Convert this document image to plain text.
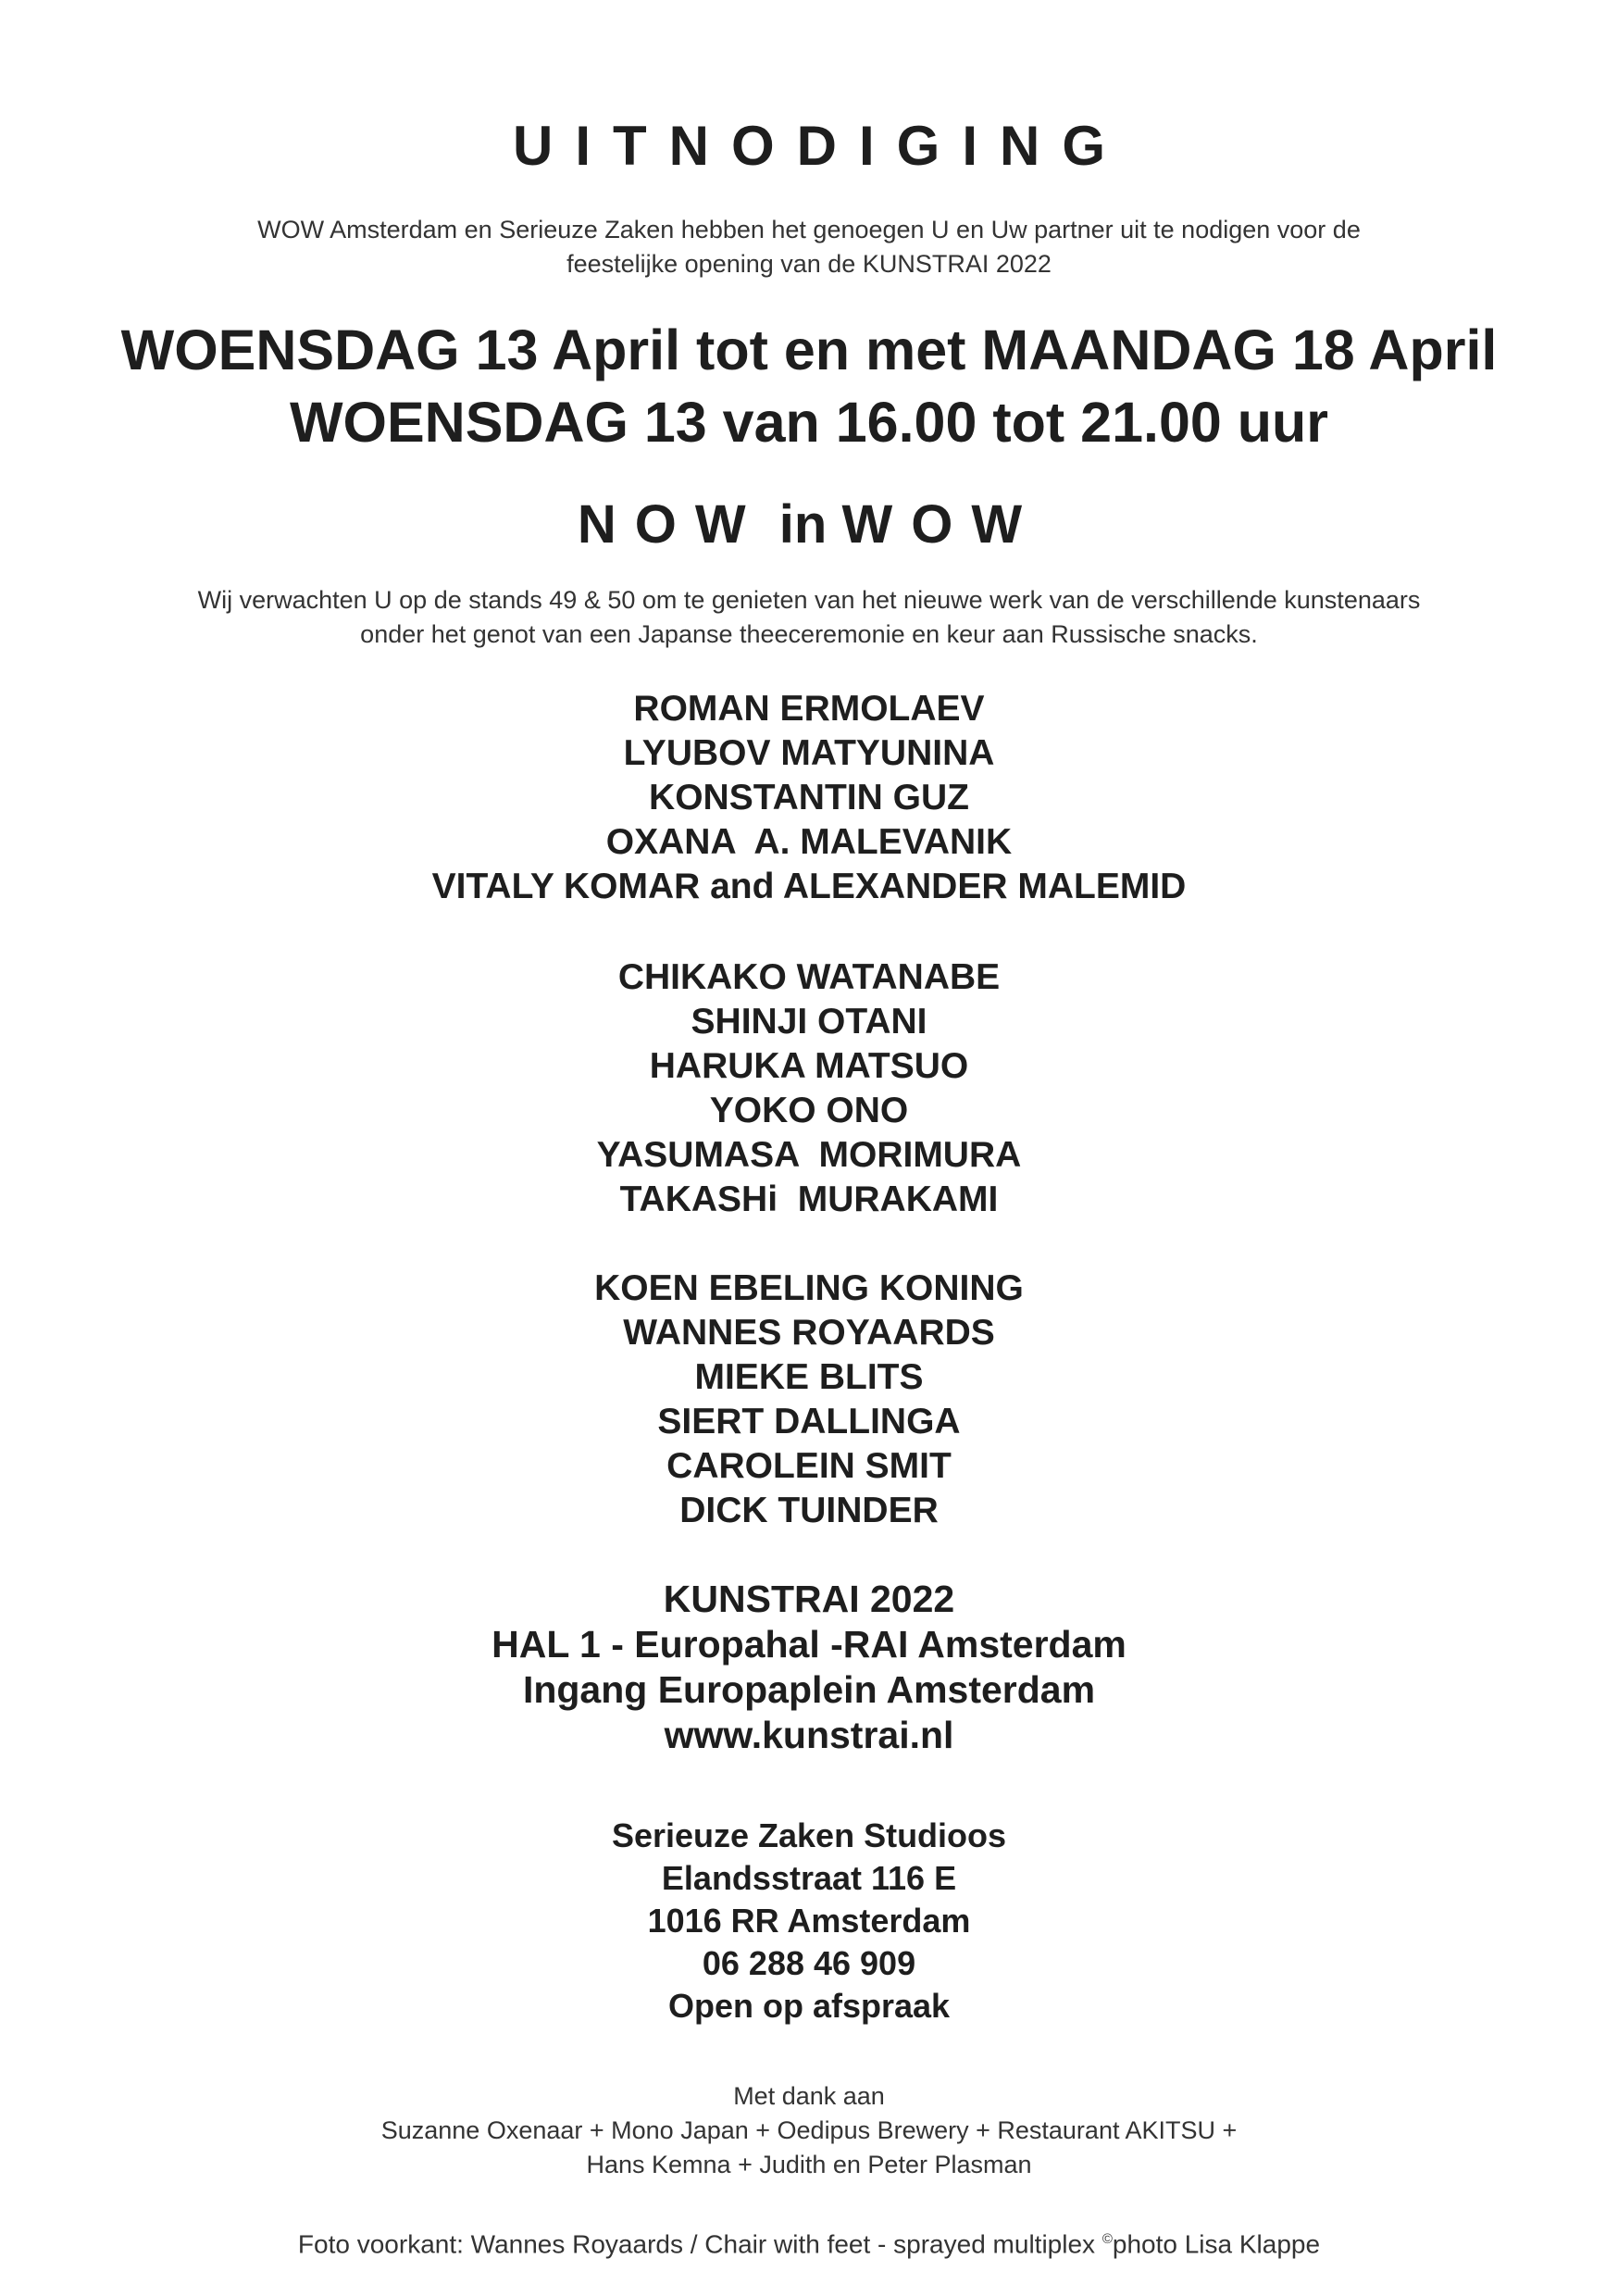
UITNODIGING
WOW Amsterdam en Serieuze Zaken hebben het genoegen U en Uw partner uit te nodigen voor de
feestelijke opening van de KUNSTRAI 2022
WOENSDAG 13 April tot en met MAANDAG 18 April
WOENSDAG 13 van 16.00 tot 21.00 uur
NOW in WOW
Wij verwachten U op de stands 49 & 50 om te genieten van het nieuwe werk van de verschillende kunstenaars
onder het genot van een Japanse theeceremonie en keur aan Russische snacks.
ROMAN ERMOLAEV
LYUBOV MATYUNINA
KONSTANTIN GUZ
OXANA  A. MALEVANIK
VITALY KOMAR and ALEXANDER MALEMID
CHIKAKO WATANABE
SHINJI OTANI
HARUKA MATSUO
YOKO ONO
YASUMASA  MORIMURA
TAKASHi  MURAKAMI
KOEN EBELING KONING
WANNES ROYAARDS
MIEKE BLITS
SIERT DALLINGA
CAROLEIN SMIT
DICK TUINDER
KUNSTRAI 2022
HAL 1 - Europahal -RAI Amsterdam
Ingang Europaplein Amsterdam
www.kunstrai.nl
Serieuze Zaken Studioos
Elandsstraat 116 E
1016 RR Amsterdam
06 288 46 909
Open op afspraak
Met dank aan
Suzanne Oxenaar + Mono Japan + Oedipus Brewery + Restaurant AKITSU +
Hans Kemna + Judith en Peter Plasman
Foto voorkant: Wannes Royaards / Chair with feet - sprayed multiplex ©photo Lisa Klappe
